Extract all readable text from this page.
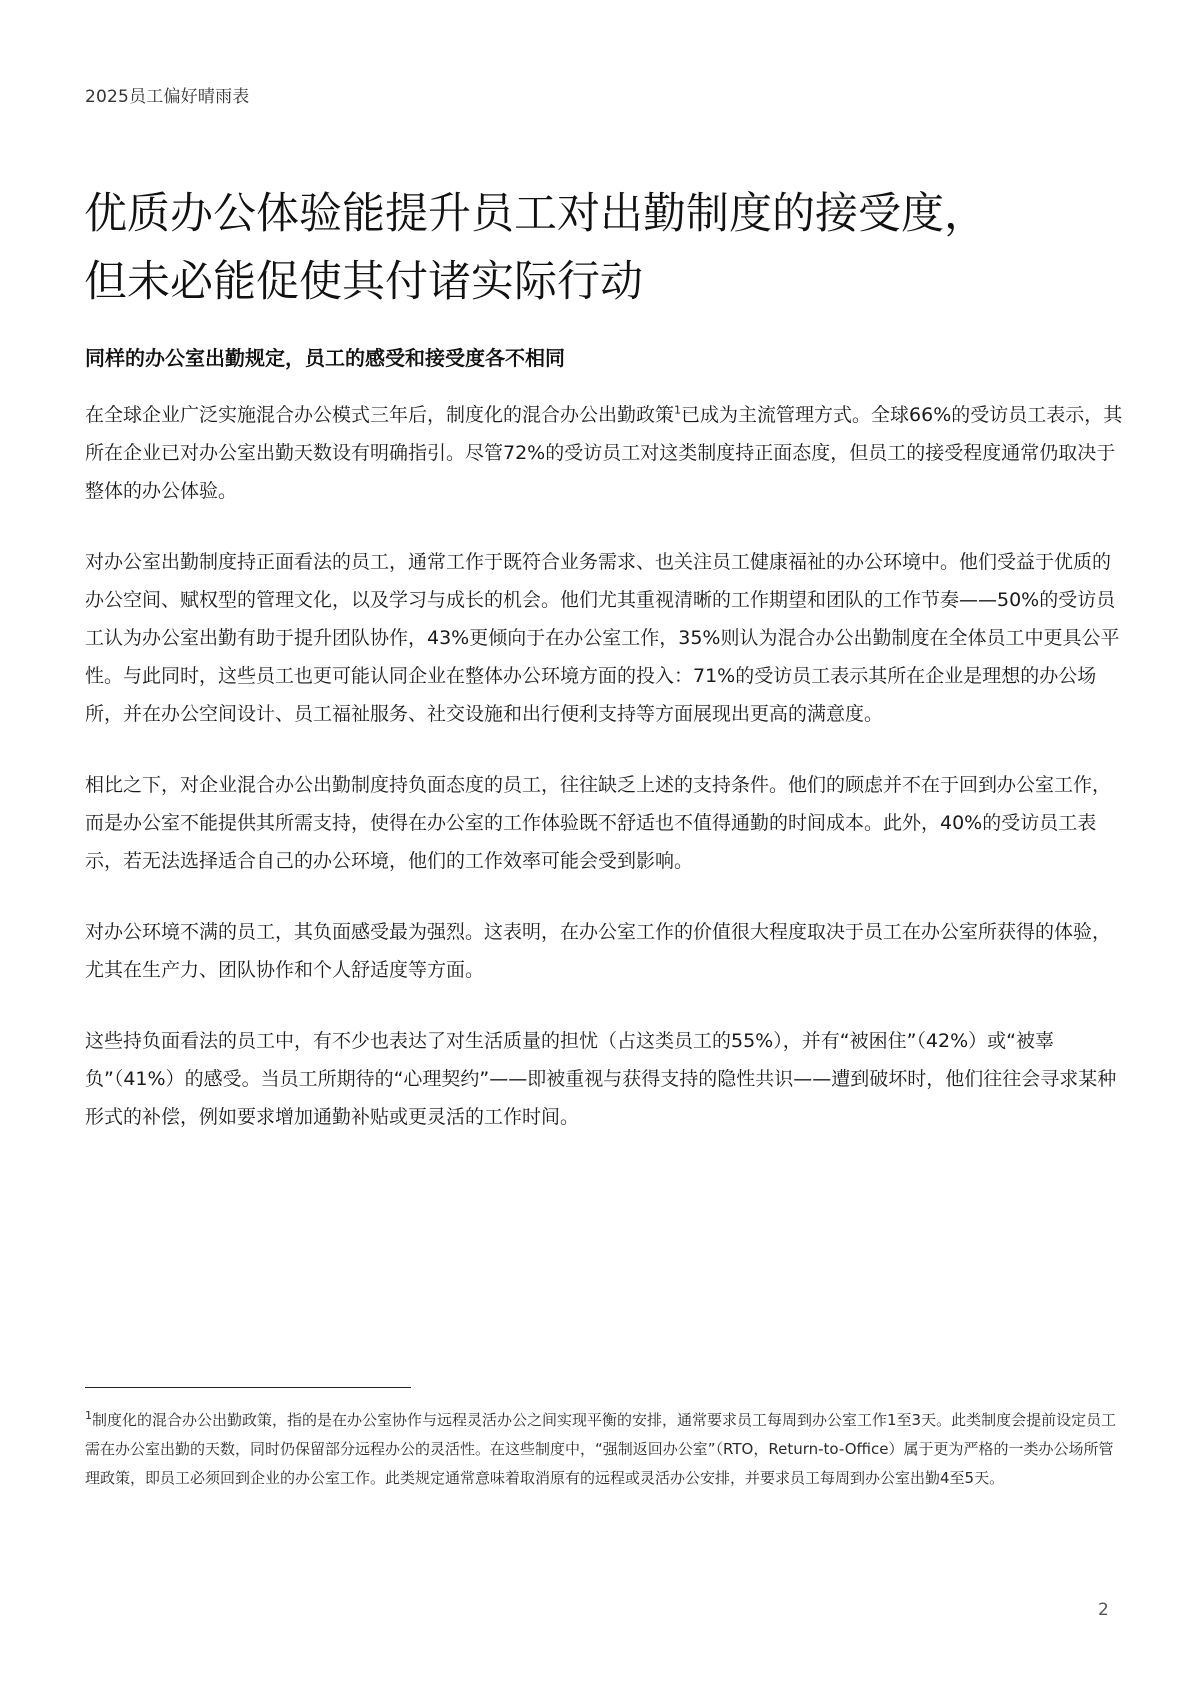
2025员工偏好晴雨表
优质办公体验能提升员工对出勤制度的接受度，
但未必能促使其付诸实际行动
同样的办公室出勤规定，员工的感受和接受度各不相同

在全球企业广泛实施混合办公模式三年后，制度化的混合办公出勤政策$^1$已成为主流管理方式。全球66%的受访员工表示，其所在企业已对办公室出勤天数设有明确指引。尽管72%的受访员工对这类制度持正面态度，但员工的接受程度通常仍取决于整体的办公体验。

对办公室出勤制度持正面看法的员工，通常工作于既符合业务需求、也关注员工健康福祉的办公环境中。他们受益于优质的办公空间、赋权型的管理文化，以及学习与成长的机会。他们尤其重视清晰的工作期望和团队的工作节奏——50%的受访员工认为办公室出勤有助于提升团队协作，43%更倾向于在办公室工作，35%则认为混合办公出勤制度在全体员工中更具公平性。与此同时，这些员工也更可能认同企业在整体办公环境方面的投入：71%的受访员工表示其所在企业是理想的办公场所，并在办公空间设计、员工福祉服务、社交设施和出行便利支持等方面展现出更高的满意度。

相比之下，对企业混合办公出勤制度持负面态度的员工，往往缺乏上述的支持条件。他们的顾虑并不在于回到办公室工作，而是办公室不能提供其所需支持，使得在办公室的工作体验既不舒适也不值得通勤的时间成本。此外，40%的受访员工表示，若无法选择适合自己的办公环境，他们的工作效率可能会受到影响。

对办公环境不满的员工，其负面感受最为强烈。这表明，在办公室工作的价值很大程度取决于员工在办公室所获得的体验，尤其在生产力、团队协作和个人舒适度等方面。

这些持负面看法的员工中，有不少也表达了对生活质量的担忧（占这类员工的55%），并有“被困住”（42%）或“被辜负”（41%）的感受。当员工所期待的“心理契约”——即被重视与获得支持的隐性共识——遭到破坏时，他们往往会寻求某种形式的补偿，例如要求增加通勤补贴或更灵活的工作时间。

$^1$制度化的混合办公出勤政策，指的是在办公室协作与远程灵活办公之间实现平衡的安排，通常要求员工每周到办公室工作1至3天。此类制度会提前设定员工需在办公室出勤的天数，同时仍保留部分远程办公的灵活性。在这些制度中，“强制返回办公室”（RTO，Return-to-Office）属于更为严格的一类办公场所管理政策，即员工必须回到企业的办公室工作。此类规定通常意味着取消原有的远程或灵活办公安排，并要求员工每周到办公室出勤4至5天。

2
